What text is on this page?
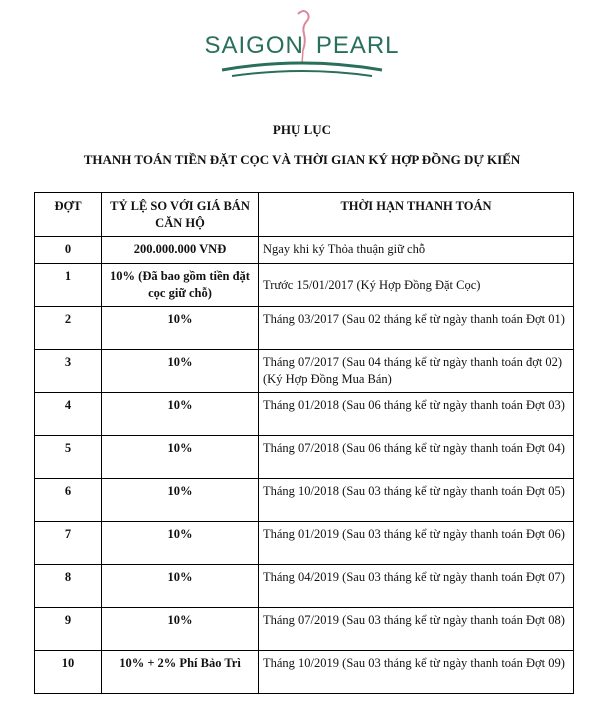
SAIGON PEARL
PHỤ LỤC
THANH TOÁN TIỀN ĐẶT CỌC VÀ THỜI GIAN KÝ HỢP ĐỒNG DỰ KIẾN
ĐỢT	TỶ LỆ SO VỚI GIÁ BÁN CĂN HỘ	THỜI HẠN THANH TOÁN
0	200.000.000 VNĐ	Ngay khi ký Thỏa thuận giữ chỗ
1	10% (Đã bao gồm tiền đặt cọc giữ chỗ)	Trước 15/01/2017 (Ký Hợp Đồng Đặt Cọc)
2	10%	Tháng 03/2017 (Sau 02 tháng kể từ ngày thanh toán Đợt 01)
3	10%	Tháng 07/2017 (Sau 04 tháng kể từ ngày thanh toán đợt 02) (Ký Hợp Đồng Mua Bán)
4	10%	Tháng 01/2018 (Sau 06 tháng kể từ ngày thanh toán Đợt 03)
5	10%	Tháng 07/2018 (Sau 06 tháng kể từ ngày thanh toán Đợt 04)
6	10%	Tháng 10/2018 (Sau 03 tháng kể từ ngày thanh toán Đợt 05)
7	10%	Tháng 01/2019 (Sau 03 tháng kể từ ngày thanh toán Đợt 06)
8	10%	Tháng 04/2019 (Sau 03 tháng kể từ ngày thanh toán Đợt 07)
9	10%	Tháng 07/2019 (Sau 03 tháng kể từ ngày thanh toán Đợt 08)
10	10% + 2% Phí Bảo Trì	Tháng 10/2019 (Sau 03 tháng kể từ ngày thanh toán Đợt 09)
